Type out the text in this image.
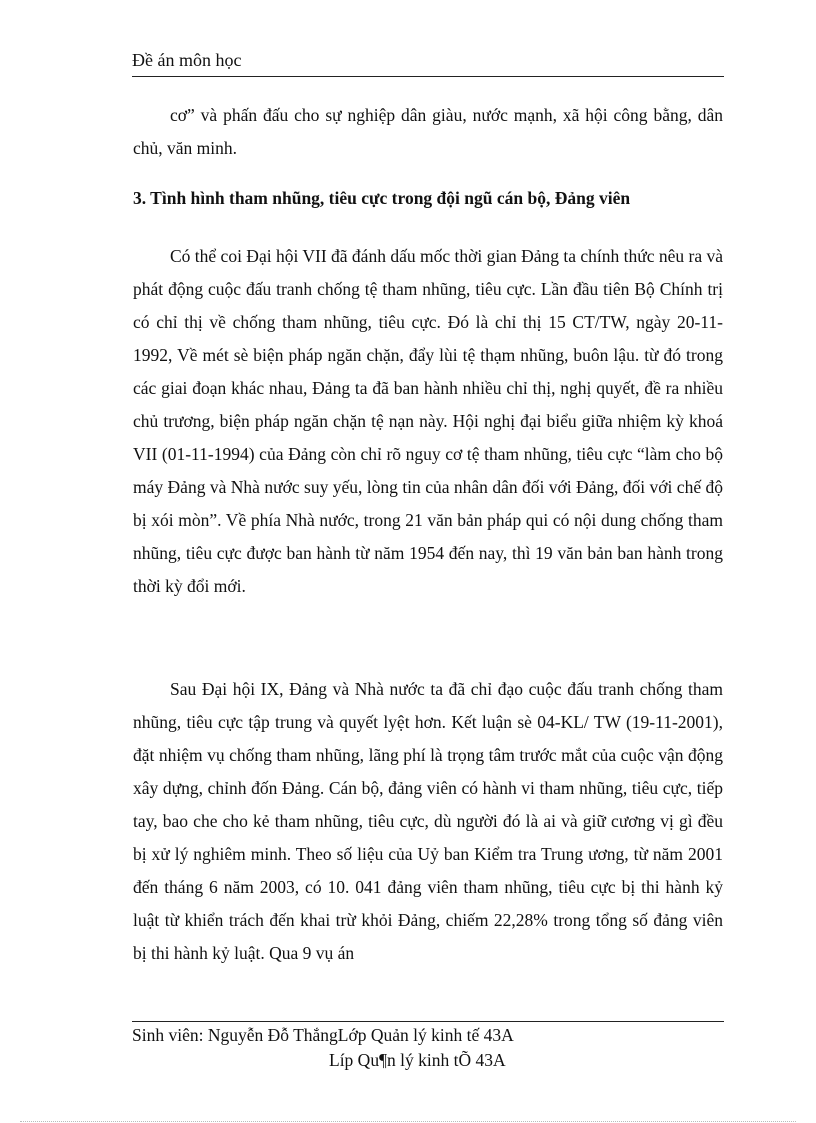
Đề án môn học

cơ” và phấn đấu cho sự nghiệp dân giàu, nước mạnh, xã hội công bằng, dân chủ, văn minh.

3. Tình hình tham nhũng, tiêu cực trong đội ngũ cán bộ, Đảng viên

Có thể coi Đại hội VII đã đánh dấu mốc thời gian Đảng ta chính thức nêu ra và phát động cuộc đấu tranh chống tệ tham nhũng, tiêu cực. Lần đầu tiên Bộ Chính trị có chỉ thị về chống tham nhũng, tiêu cực. Đó là chỉ thị 15 CT/TW, ngày 20-11-1992, Về mét sè biện pháp ngăn chặn, đẩy lùi tệ thạm nhũng, buôn lậu. từ đó trong các giai đoạn khác nhau, Đảng ta đã ban hành nhiều chỉ thị, nghị quyết, đề ra nhiều chủ trương, biện pháp ngăn chặn tệ nạn này. Hội nghị đại biểu giữa nhiệm kỳ khoá VII (01-11-1994) của Đảng còn chỉ rõ nguy cơ tệ tham nhũng, tiêu cực “làm cho bộ máy Đảng và Nhà nước suy yếu, lòng tin của nhân dân đối với Đảng, đối với chế độ bị xói mòn”. Về phía Nhà nước, trong 21 văn bản pháp qui có nội dung chống tham nhũng, tiêu cực được ban hành từ năm 1954 đến nay, thì 19 văn bản ban hành trong thời kỳ đổi mới.

Sau Đại hội IX, Đảng và Nhà nước ta đã chỉ đạo cuộc đấu tranh chống tham nhũng, tiêu cực tập trung và quyết lyệt hơn. Kết luận sè 04-KL/ TW (19-11-2001), đặt nhiệm vụ chống tham nhũng, lãng phí là trọng tâm trước mắt của cuộc vận động xây dựng, chỉnh đốn Đảng. Cán bộ, đảng viên có hành vi tham nhũng, tiêu cực, tiếp tay, bao che cho kẻ tham nhũng, tiêu cực, dù người đó là ai và giữ cương vị gì đều bị xử lý nghiêm minh. Theo số liệu của Uỷ ban Kiểm tra Trung ương, từ năm 2001 đến tháng 6 năm 2003, có 10. 041 đảng viên tham nhũng, tiêu cực bị thi hành kỷ luật từ khiển trách đến khai trừ khỏi Đảng, chiếm 22,28% trong tổng số đảng viên bị thi hành kỷ luật. Qua 9 vụ án

Sinh viên: Nguyễn Đỗ ThắngLớp Quản lý kinh tế 43A
Líp Qu¶n lý kinh tÕ 43A
